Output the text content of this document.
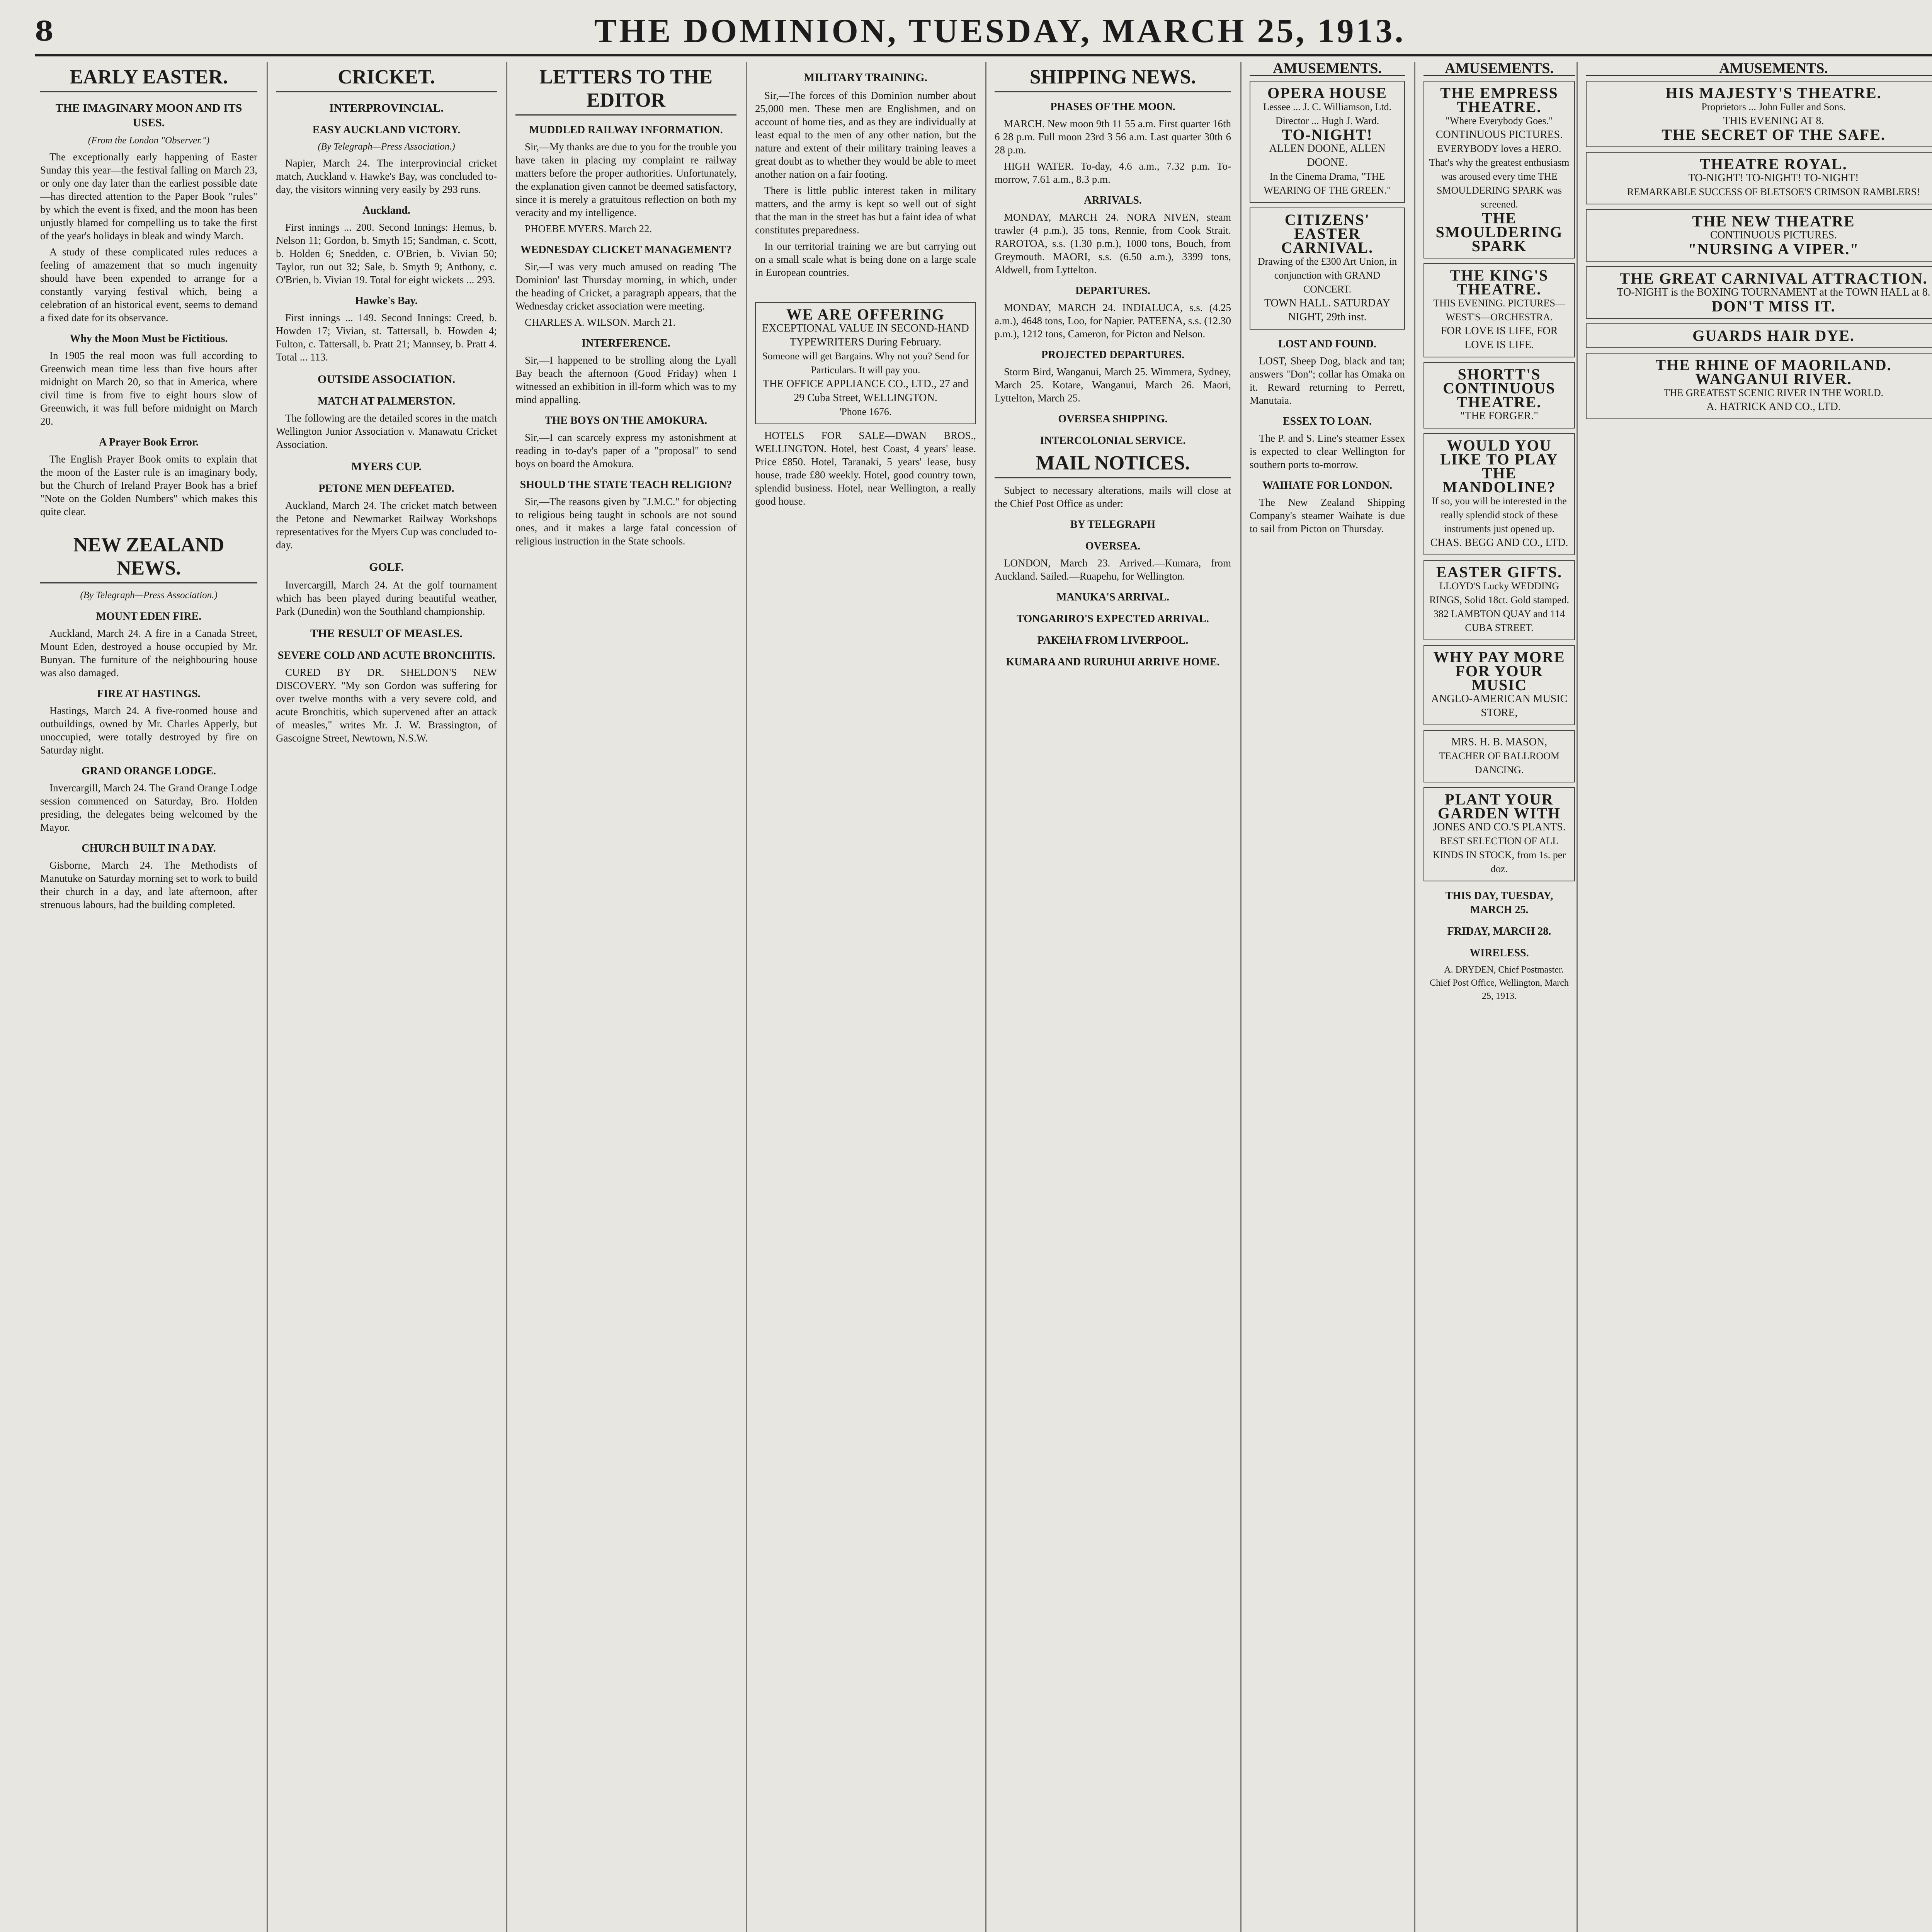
8	THE DOMINION, TUESDAY, MARCH 25, 1913.
EARLY EASTER.
THE IMAGINARY MOON AND ITS USES.
(From the London "Observer.")

The exceptionally early happening of Easter Sunday this year—the festival falling on March 23, or only one day later than the earliest possible date—has directed attention to the Paper Book "rules" by which the event is fixed, and the moon has been unjustly blamed for compelling us to take the first of the year's holidays in bleak and windy March.

A study of these complicated rules reduces a feeling of amazement that so much ingenuity should have been expended to arrange for a constantly varying festival which, being a celebration of an historical event, seems to demand a fixed date for its observance.

Why the Moon Must be Fictitious.

In 1905 the real moon was full according to Greenwich mean time less than five hours after midnight on March 20, so that in America, where civil time is from five to eight hours slow of Greenwich, it was full before midnight on March 20.

A Prayer Book Error.

The English Prayer Book omits to explain that the moon of the Easter rule is an imaginary body, but the Church of Ireland Prayer Book has a brief "Note on the Golden Numbers" which makes this quite clear.

NEW ZEALAND NEWS.
(By Telegraph—Press Association.)
MOUNT EDEN FIRE.

Auckland, March 24. A fire in a Canada Street, Mount Eden, destroyed a house occupied by Mr. Bunyan. The furniture of the neighbouring house was also damaged.

FIRE AT HASTINGS.

Hastings, March 24. A five-roomed house and outbuildings, owned by Mr. Charles Apperly, but unoccupied, were totally destroyed by fire on Saturday night.

GRAND ORANGE LODGE.

Invercargill, March 24. The Grand Orange Lodge session commenced on Saturday, Bro. Holden presiding, the delegates being welcomed by the Mayor.

CHURCH BUILT IN A DAY.

Gisborne, March 24. The Methodists of Manutuke on Saturday morning set to work to build their church in a day, and late afternoon, after strenuous labours, had the building completed.

CRICKET.
INTERPROVINCIAL.
EASY AUCKLAND VICTORY.
(By Telegraph—Press Association.)

Napier, March 24. The interprovincial cricket match, Auckland v. Hawke's Bay, was concluded to-day, the visitors winning very easily by 293 runs.

Auckland.

First innings ... 200. Second Innings: Hemus, b. Nelson 11; Gordon, b. Smyth 15; Sandman, c. Scott, b. Holden 6; Snedden, c. O'Brien, b. Vivian 50; Taylor, run out 32; Sale, b. Smyth 9; Anthony, c. O'Brien, b. Vivian 19. Total for eight wickets ... 293.

Hawke's Bay.

First innings ... 149. Second Innings: Creed, b. Howden 17; Vivian, st. Tattersall, b. Howden 4; Fulton, c. Tattersall, b. Pratt 21; Mannsey, b. Pratt 4. Total ... 113.

OUTSIDE ASSOCIATION.
MATCH AT PALMERSTON.

The following are the detailed scores in the match Wellington Junior Association v. Manawatu Cricket Association.

MYERS CUP.
PETONE MEN DEFEATED.

Auckland, March 24. The cricket match between the Petone and Newmarket Railway Workshops representatives for the Myers Cup was concluded to-day.

GOLF.

Invercargill, March 24. At the golf tournament which has been played during beautiful weather, Park (Dunedin) won the Southland championship.

THE RESULT OF MEASLES.
SEVERE COLD AND ACUTE BRONCHITIS.

CURED BY DR. SHELDON'S NEW DISCOVERY. "My son Gordon was suffering for over twelve months with a very severe cold, and acute Bronchitis, which supervened after an attack of measles," writes Mr. J. W. Brassington, of Gascoigne Street, Newtown, N.S.W.

LETTERS TO THE EDITOR
MUDDLED RAILWAY INFORMATION.

Sir,—My thanks are due to you for the trouble you have taken in placing my complaint re railway matters before the proper authorities. Unfortunately, the explanation given cannot be deemed satisfactory, since it is merely a gratuitous reflection on both my veracity and my intelligence.

PHOEBE MYERS. March 22.

WEDNESDAY CLICKET MANAGEMENT?

Sir,—I was very much amused on reading 'The Dominion' last Thursday morning, in which, under the heading of Cricket, a paragraph appears, that the Wednesday cricket association were meeting.

CHARLES A. WILSON. March 21.

INTERFERENCE.

Sir,—I happened to be strolling along the Lyall Bay beach the afternoon (Good Friday) when I witnessed an exhibition in ill-form which was to my mind appalling.

THE BOYS ON THE AMOKURA.

Sir,—I can scarcely express my astonishment at reading in to-day's paper of a "proposal" to send boys on board the Amokura.

SHOULD THE STATE TEACH RELIGION?

Sir,—The reasons given by "J.M.C." for objecting to religious being taught in schools are not sound ones, and it makes a large fatal concession of religious instruction in the State schools.

MILITARY TRAINING.

Sir,—The forces of this Dominion number about 25,000 men. These men are Englishmen, and on account of home ties, and as they are individually at least equal to the men of any other nation, but the nature and extent of their military training leaves a great doubt as to whether they would be able to meet another nation on a fair footing.

There is little public interest taken in military matters, and the army is kept so well out of sight that the man in the street has but a faint idea of what constitutes preparedness.

In our territorial training we are but carrying out on a small scale what is being done on a large scale in European countries.

WE ARE OFFERING
EXCEPTIONAL VALUE IN SECOND-HAND TYPEWRITERS During February.
Someone will get Bargains. Why not you? Send for Particulars. It will pay you.
THE OFFICE APPLIANCE CO., LTD., 27 and 29 Cuba Street, WELLINGTON.
'Phone 1676.

HOTELS FOR SALE—DWAN BROS., WELLINGTON. Hotel, best Coast, 4 years' lease. Price £850. Hotel, Taranaki, 5 years' lease, busy house, trade £80 weekly. Hotel, good country town, splendid business. Hotel, near Wellington, a really good house.

SHIPPING NEWS.
PHASES OF THE MOON.

MARCH. New moon 9th 11 55 a.m. First quarter 16th 6 28 p.m. Full moon 23rd 3 56 a.m. Last quarter 30th 6 28 p.m.

HIGH WATER. To-day, 4.6 a.m., 7.32 p.m. To-morrow, 7.61 a.m., 8.3 p.m.

ARRIVALS.

MONDAY, MARCH 24. NORA NIVEN, steam trawler (4 p.m.), 35 tons, Rennie, from Cook Strait. RAROTOA, s.s. (1.30 p.m.), 1000 tons, Bouch, from Greymouth. MAORI, s.s. (6.50 a.m.), 3399 tons, Aldwell, from Lyttelton.

DEPARTURES.

MONDAY, MARCH 24. INDIALUCA, s.s. (4.25 a.m.), 4648 tons, Loo, for Napier. PATEENA, s.s. (12.30 p.m.), 1212 tons, Cameron, for Picton and Nelson.

PROJECTED DEPARTURES.

Storm Bird, Wanganui, March 25. Wimmera, Sydney, March 25. Kotare, Wanganui, March 26. Maori, Lyttelton, March 25.

OVERSEA SHIPPING.
INTERCOLONIAL SERVICE.
MAIL NOTICES.

Subject to necessary alterations, mails will close at the Chief Post Office as under:

BY TELEGRAPH
OVERSEA.

LONDON, March 23. Arrived.—Kumara, from Auckland. Sailed.—Ruapehu, for Wellington.

MANUKA'S ARRIVAL.
TONGARIRO'S EXPECTED ARRIVAL.
PAKEHA FROM LIVERPOOL.
KUMARA AND RURUHUI ARRIVE HOME.
AMUSEMENTS.
OPERA HOUSE
Lessee ... J. C. Williamson, Ltd. Director ... Hugh J. Ward.
TO-NIGHT!
ALLEN DOONE, ALLEN DOONE.
In the Cinema Drama, "THE WEARING OF THE GREEN."
CITIZENS' EASTER CARNIVAL.
Drawing of the £300 Art Union, in conjunction with GRAND CONCERT.
TOWN HALL. SATURDAY NIGHT, 29th inst.
LOST AND FOUND.

LOST, Sheep Dog, black and tan; answers "Don"; collar has Omaka on it. Reward returning to Perrett, Manutaia.

ESSEX TO LOAN.

The P. and S. Line's steamer Essex is expected to clear Wellington for southern ports to-morrow.

WAIHATE FOR LONDON.

The New Zealand Shipping Company's steamer Waihate is due to sail from Picton on Thursday.

AMUSEMENTS.
THE EMPRESS THEATRE.
"Where Everybody Goes."
CONTINUOUS PICTURES.
EVERYBODY loves a HERO. That's why the greatest enthusiasm was aroused every time THE SMOULDERING SPARK was screened.
THE SMOULDERING SPARK
THE KING'S THEATRE.
THIS EVENING. PICTURES—WEST'S—ORCHESTRA.
FOR LOVE IS LIFE, FOR LOVE IS LIFE.
SHORTT'S CONTINUOUS THEATRE.
"THE FORGER."
WOULD YOU LIKE TO PLAY THE MANDOLINE?
If so, you will be interested in the really splendid stock of these instruments just opened up.
CHAS. BEGG AND CO., LTD.
EASTER GIFTS.
LLOYD'S Lucky WEDDING RINGS, Solid 18ct. Gold stamped.
382 LAMBTON QUAY and 114 CUBA STREET.
WHY PAY MORE FOR YOUR MUSIC
ANGLO-AMERICAN MUSIC STORE,
MRS. H. B. MASON,
TEACHER OF BALLROOM DANCING.
PLANT YOUR GARDEN WITH
JONES AND CO.'S PLANTS.
BEST SELECTION OF ALL KINDS IN STOCK, from 1s. per doz.
THIS DAY, TUESDAY, MARCH 25.
FRIDAY, MARCH 28.
WIRELESS.

A. DRYDEN, Chief Postmaster. Chief Post Office, Wellington, March 25, 1913.

AMUSEMENTS.
HIS MAJESTY'S THEATRE.
Proprietors ... John Fuller and Sons.
THIS EVENING AT 8.
THE SECRET OF THE SAFE.
THEATRE ROYAL.
TO-NIGHT! TO-NIGHT! TO-NIGHT!
REMARKABLE SUCCESS OF BLETSOE'S CRIMSON RAMBLERS!
THE NEW THEATRE
CONTINUOUS PICTURES.
"NURSING A VIPER."
THE GREAT CARNIVAL ATTRACTION.
TO-NIGHT is the BOXING TOURNAMENT at the TOWN HALL at 8.
DON'T MISS IT.
GUARDS HAIR DYE.
THE RHINE OF MAORILAND.
WANGANUI RIVER.
THE GREATEST SCENIC RIVER IN THE WORLD.
A. HATRICK AND CO., LTD.
